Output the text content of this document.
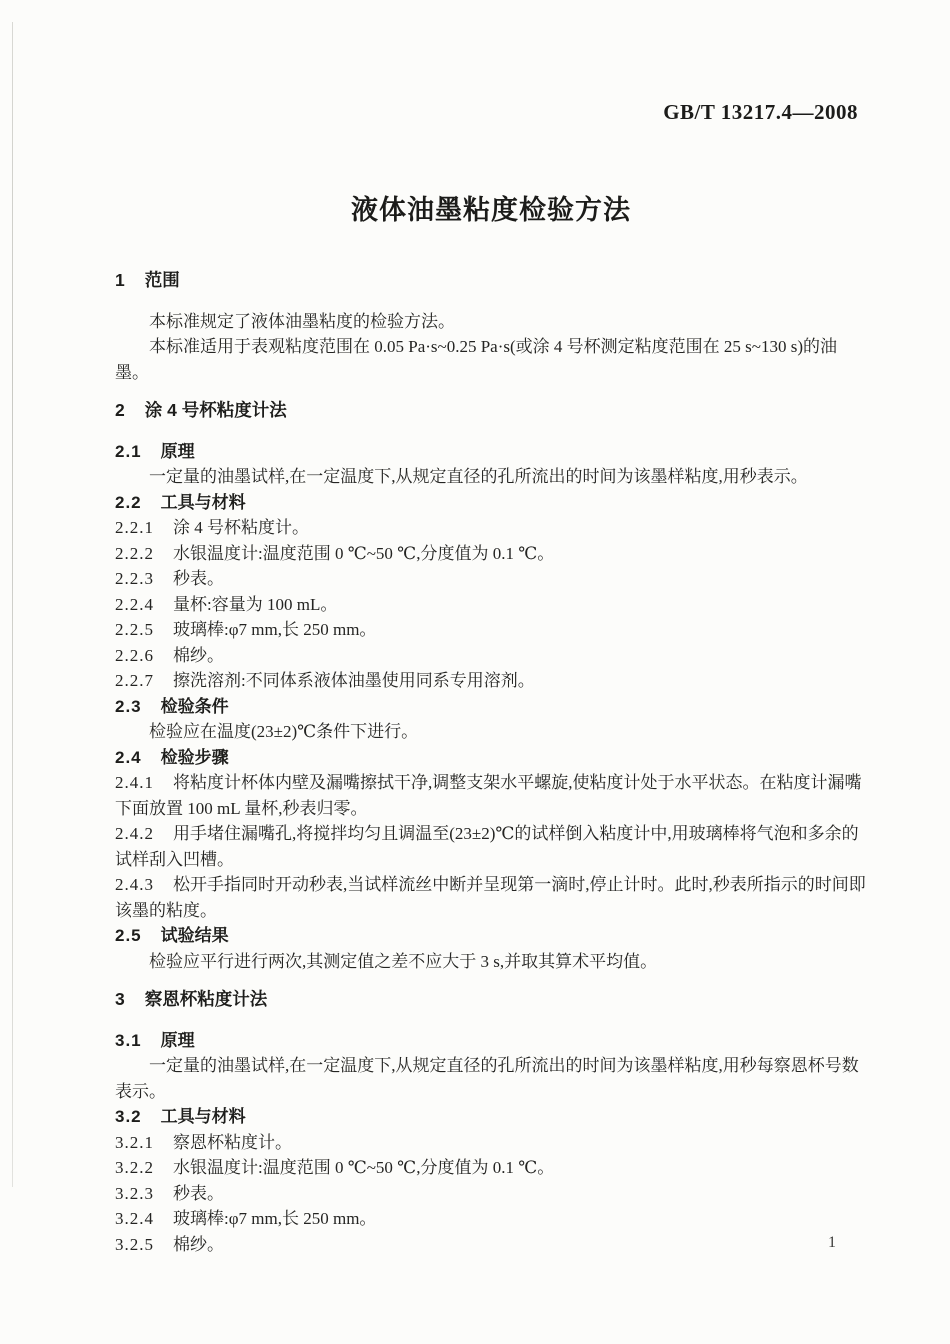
GB/T 13217.4—2008
液体油墨粘度检验方法
1 范围
本标准规定了液体油墨粘度的检验方法。
本标准适用于表观粘度范围在 0.05 Pa·s~0.25 Pa·s(或涂 4 号杯测定粘度范围在 25 s~130 s)的油墨。
2 涂 4 号杯粘度计法
2.1 原理
一定量的油墨试样,在一定温度下,从规定直径的孔所流出的时间为该墨样粘度,用秒表示。
2.2 工具与材料
2.2.1 涂 4 号杯粘度计。
2.2.2 水银温度计:温度范围 0 ℃~50 ℃,分度值为 0.1 ℃。
2.2.3 秒表。
2.2.4 量杯:容量为 100 mL。
2.2.5 玻璃棒:φ7 mm,长 250 mm。
2.2.6 棉纱。
2.2.7 擦洗溶剂:不同体系液体油墨使用同系专用溶剂。
2.3 检验条件
检验应在温度(23±2)℃条件下进行。
2.4 检验步骤
2.4.1 将粘度计杯体内壁及漏嘴擦拭干净,调整支架水平螺旋,使粘度计处于水平状态。在粘度计漏嘴下面放置 100 mL 量杯,秒表归零。
2.4.2 用手堵住漏嘴孔,将搅拌均匀且调温至(23±2)℃的试样倒入粘度计中,用玻璃棒将气泡和多余的试样刮入凹槽。
2.4.3 松开手指同时开动秒表,当试样流丝中断并呈现第一滴时,停止计时。此时,秒表所指示的时间即该墨的粘度。
2.5 试验结果
检验应平行进行两次,其测定值之差不应大于 3 s,并取其算术平均值。
3 察恩杯粘度计法
3.1 原理
一定量的油墨试样,在一定温度下,从规定直径的孔所流出的时间为该墨样粘度,用秒每察恩杯号数表示。
3.2 工具与材料
3.2.1 察恩杯粘度计。
3.2.2 水银温度计:温度范围 0 ℃~50 ℃,分度值为 0.1 ℃。
3.2.3 秒表。
3.2.4 玻璃棒:φ7 mm,长 250 mm。
3.2.5 棉纱。	1
